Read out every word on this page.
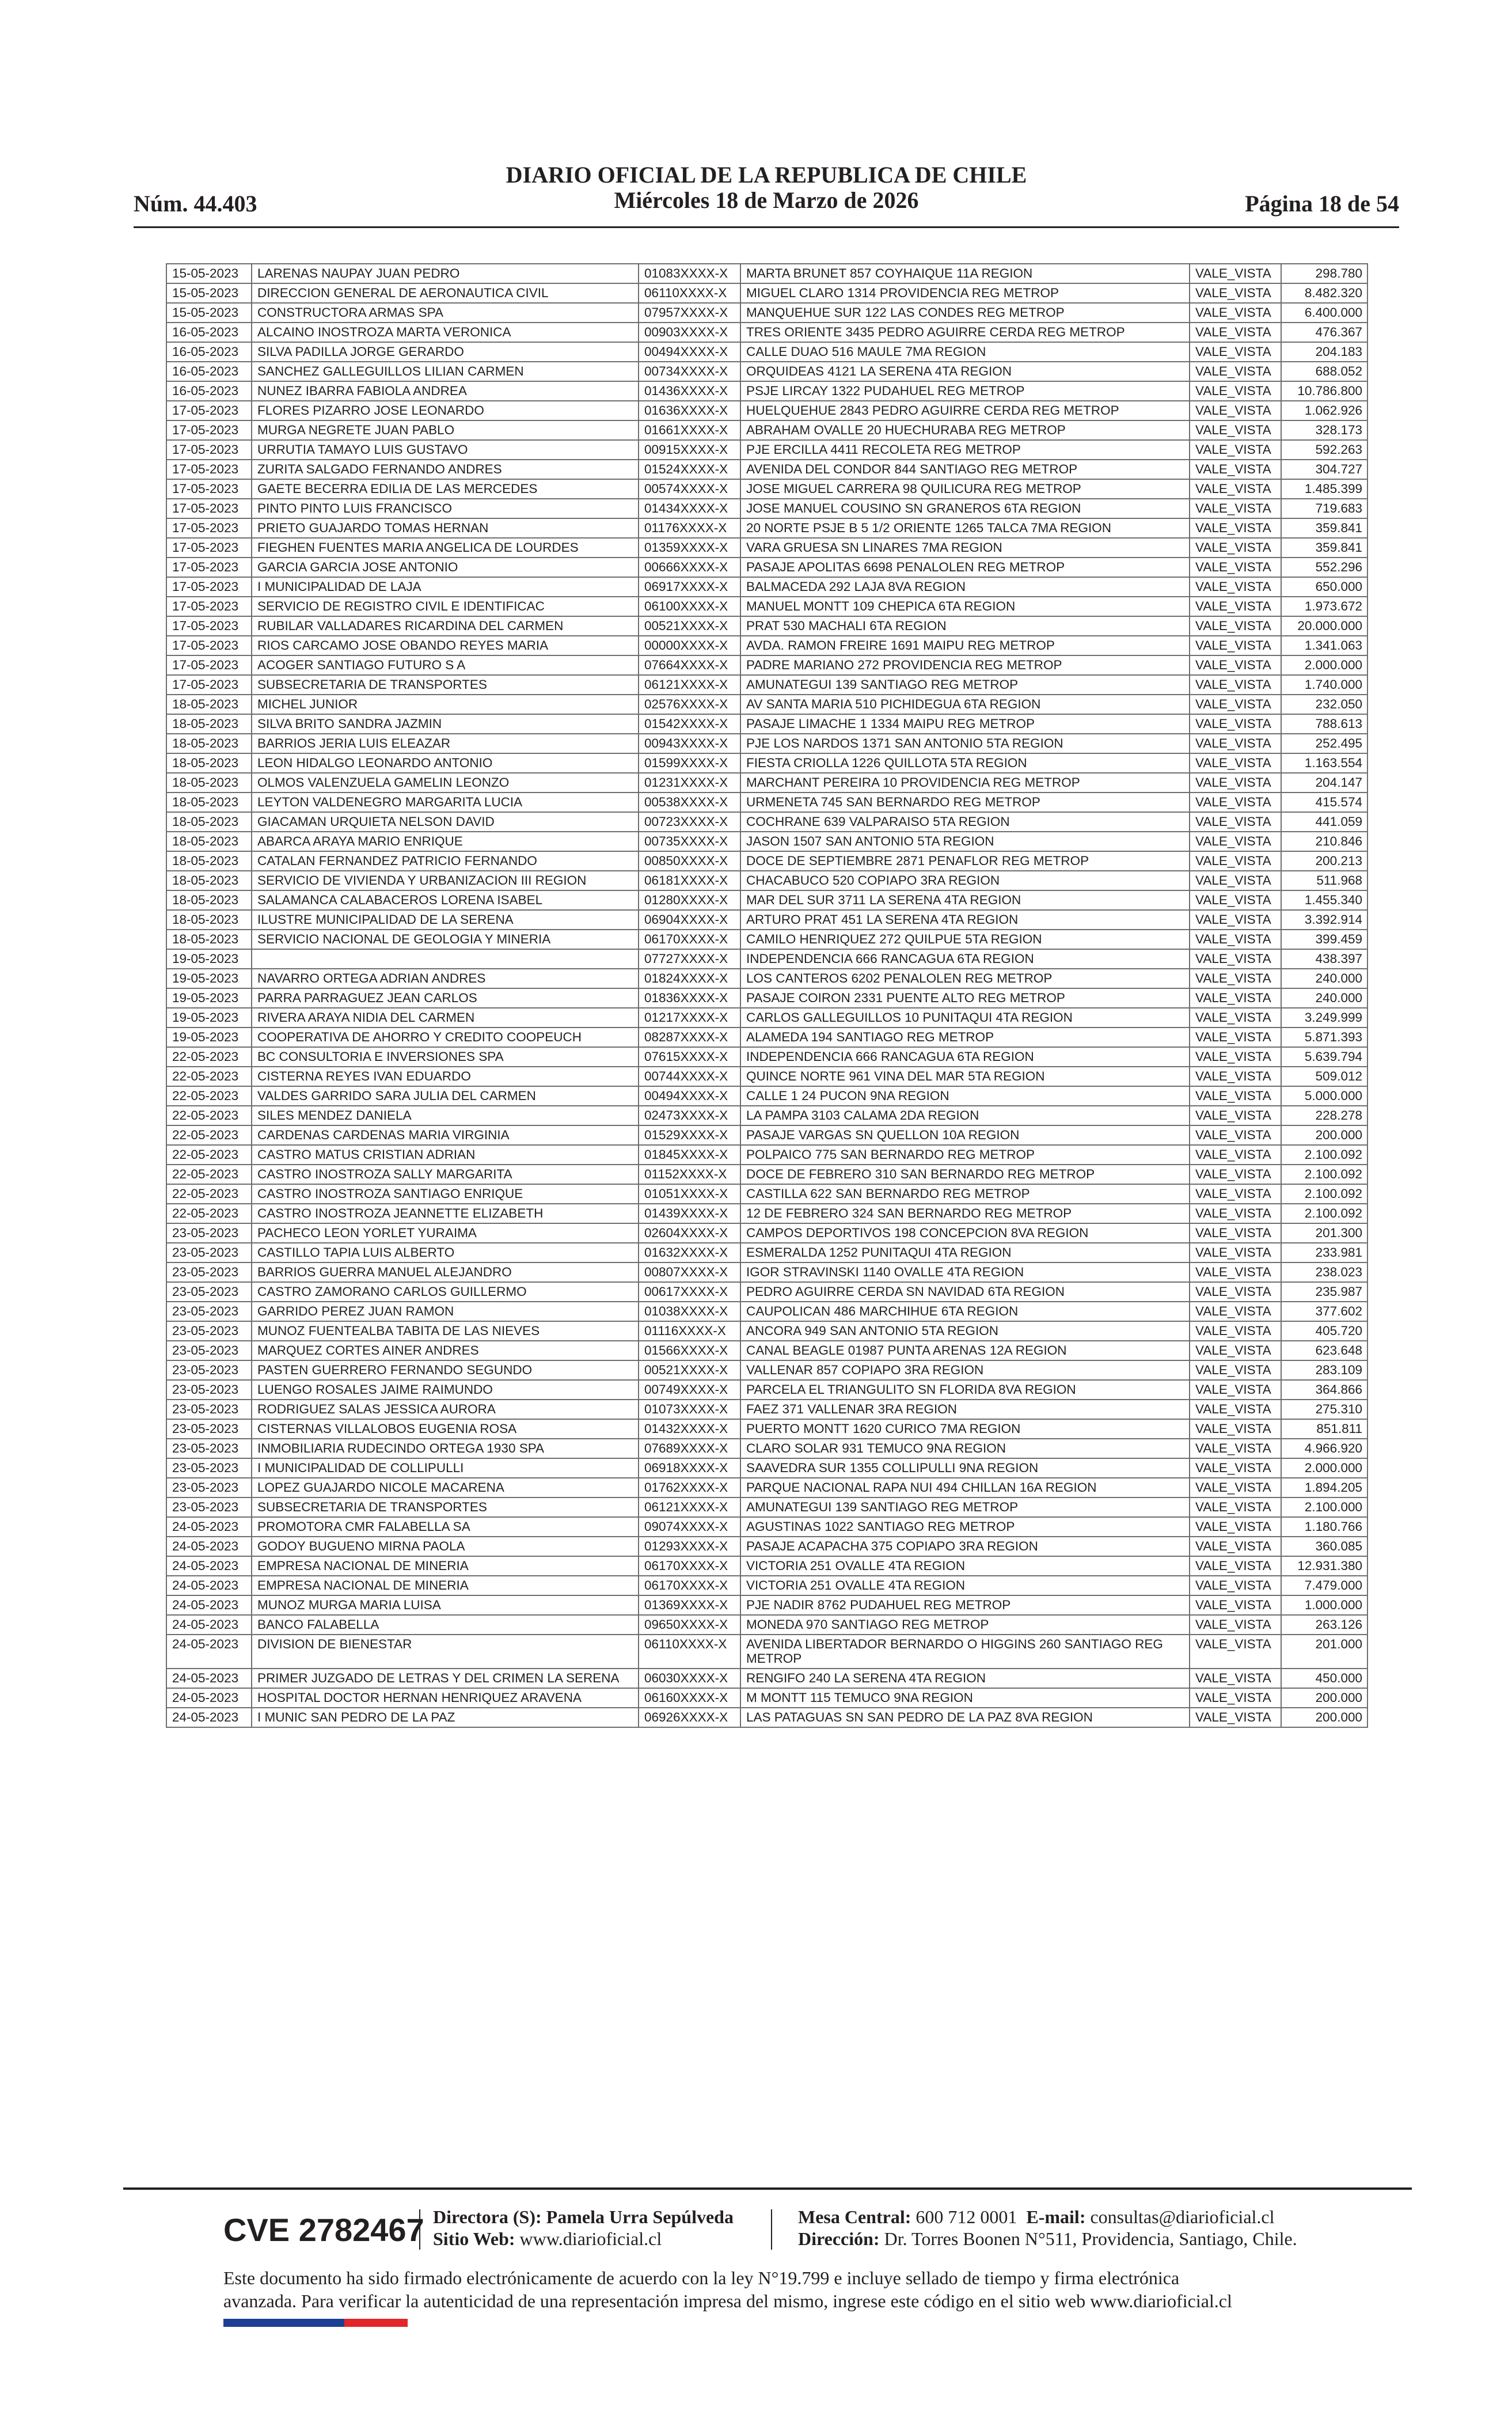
Núm. 44.403
DIARIO OFICIAL DE LA REPUBLICA DE CHILE
Miércoles 18 de Marzo de 2026	Página 18 de 54
15-05-2023	LARENAS NAUPAY JUAN PEDRO	01083XXXX-X	MARTA BRUNET 857 COYHAIQUE 11A REGION	VALE_VISTA	298.780
15-05-2023	DIRECCION GENERAL DE AERONAUTICA CIVIL	06110XXXX-X	MIGUEL CLARO 1314 PROVIDENCIA REG METROP	VALE_VISTA	8.482.320
15-05-2023	CONSTRUCTORA ARMAS SPA	07957XXXX-X	MANQUEHUE SUR 122 LAS CONDES REG METROP	VALE_VISTA	6.400.000
16-05-2023	ALCAINO INOSTROZA MARTA VERONICA	00903XXXX-X	TRES ORIENTE 3435 PEDRO AGUIRRE CERDA REG METROP	VALE_VISTA	476.367
16-05-2023	SILVA PADILLA JORGE GERARDO	00494XXXX-X	CALLE DUAO 516 MAULE 7MA REGION	VALE_VISTA	204.183
16-05-2023	SANCHEZ GALLEGUILLOS LILIAN CARMEN	00734XXXX-X	ORQUIDEAS 4121 LA SERENA 4TA REGION	VALE_VISTA	688.052
16-05-2023	NUNEZ IBARRA FABIOLA ANDREA	01436XXXX-X	PSJE LIRCAY 1322 PUDAHUEL REG METROP	VALE_VISTA	10.786.800
17-05-2023	FLORES PIZARRO JOSE LEONARDO	01636XXXX-X	HUELQUEHUE 2843 PEDRO AGUIRRE CERDA REG METROP	VALE_VISTA	1.062.926
17-05-2023	MURGA NEGRETE JUAN PABLO	01661XXXX-X	ABRAHAM OVALLE 20 HUECHURABA REG METROP	VALE_VISTA	328.173
17-05-2023	URRUTIA TAMAYO LUIS GUSTAVO	00915XXXX-X	PJE ERCILLA 4411 RECOLETA REG METROP	VALE_VISTA	592.263
17-05-2023	ZURITA SALGADO FERNANDO ANDRES	01524XXXX-X	AVENIDA DEL CONDOR 844 SANTIAGO REG METROP	VALE_VISTA	304.727
17-05-2023	GAETE BECERRA EDILIA DE LAS MERCEDES	00574XXXX-X	JOSE MIGUEL CARRERA 98 QUILICURA REG METROP	VALE_VISTA	1.485.399
17-05-2023	PINTO PINTO LUIS FRANCISCO	01434XXXX-X	JOSE MANUEL COUSINO SN GRANEROS 6TA REGION	VALE_VISTA	719.683
17-05-2023	PRIETO GUAJARDO TOMAS HERNAN	01176XXXX-X	20 NORTE PSJE B 5 1/2 ORIENTE 1265 TALCA 7MA REGION	VALE_VISTA	359.841
17-05-2023	FIEGHEN FUENTES MARIA ANGELICA DE LOURDES	01359XXXX-X	VARA GRUESA SN LINARES 7MA REGION	VALE_VISTA	359.841
17-05-2023	GARCIA GARCIA JOSE ANTONIO	00666XXXX-X	PASAJE APOLITAS 6698 PENALOLEN REG METROP	VALE_VISTA	552.296
17-05-2023	I MUNICIPALIDAD DE LAJA	06917XXXX-X	BALMACEDA 292 LAJA 8VA REGION	VALE_VISTA	650.000
17-05-2023	SERVICIO DE REGISTRO CIVIL E IDENTIFICAC	06100XXXX-X	MANUEL MONTT 109 CHEPICA 6TA REGION	VALE_VISTA	1.973.672
17-05-2023	RUBILAR VALLADARES RICARDINA DEL CARMEN	00521XXXX-X	PRAT 530 MACHALI 6TA REGION	VALE_VISTA	20.000.000
17-05-2023	RIOS CARCAMO JOSE OBANDO REYES MARIA	00000XXXX-X	AVDA. RAMON FREIRE 1691 MAIPU REG METROP	VALE_VISTA	1.341.063
17-05-2023	ACOGER SANTIAGO FUTURO S A	07664XXXX-X	PADRE MARIANO 272 PROVIDENCIA REG METROP	VALE_VISTA	2.000.000
17-05-2023	SUBSECRETARIA DE TRANSPORTES	06121XXXX-X	AMUNATEGUI 139 SANTIAGO REG METROP	VALE_VISTA	1.740.000
18-05-2023	MICHEL JUNIOR	02576XXXX-X	AV SANTA MARIA 510 PICHIDEGUA 6TA REGION	VALE_VISTA	232.050
18-05-2023	SILVA BRITO SANDRA JAZMIN	01542XXXX-X	PASAJE LIMACHE 1 1334 MAIPU REG METROP	VALE_VISTA	788.613
18-05-2023	BARRIOS JERIA LUIS ELEAZAR	00943XXXX-X	PJE LOS NARDOS 1371 SAN ANTONIO 5TA REGION	VALE_VISTA	252.495
18-05-2023	LEON HIDALGO LEONARDO ANTONIO	01599XXXX-X	FIESTA CRIOLLA 1226 QUILLOTA 5TA REGION	VALE_VISTA	1.163.554
18-05-2023	OLMOS VALENZUELA GAMELIN LEONZO	01231XXXX-X	MARCHANT PEREIRA 10 PROVIDENCIA REG METROP	VALE_VISTA	204.147
18-05-2023	LEYTON VALDENEGRO MARGARITA LUCIA	00538XXXX-X	URMENETA 745 SAN BERNARDO REG METROP	VALE_VISTA	415.574
18-05-2023	GIACAMAN URQUIETA NELSON DAVID	00723XXXX-X	COCHRANE 639 VALPARAISO 5TA REGION	VALE_VISTA	441.059
18-05-2023	ABARCA ARAYA MARIO ENRIQUE	00735XXXX-X	JASON 1507 SAN ANTONIO 5TA REGION	VALE_VISTA	210.846
18-05-2023	CATALAN FERNANDEZ PATRICIO FERNANDO	00850XXXX-X	DOCE DE SEPTIEMBRE 2871 PENAFLOR REG METROP	VALE_VISTA	200.213
18-05-2023	SERVICIO DE VIVIENDA Y URBANIZACION III REGION	06181XXXX-X	CHACABUCO 520 COPIAPO 3RA REGION	VALE_VISTA	511.968
18-05-2023	SALAMANCA CALABACEROS LORENA ISABEL	01280XXXX-X	MAR DEL SUR 3711 LA SERENA 4TA REGION	VALE_VISTA	1.455.340
18-05-2023	ILUSTRE MUNICIPALIDAD DE LA SERENA	06904XXXX-X	ARTURO PRAT 451 LA SERENA 4TA REGION	VALE_VISTA	3.392.914
18-05-2023	SERVICIO NACIONAL DE GEOLOGIA Y MINERIA	06170XXXX-X	CAMILO HENRIQUEZ 272 QUILPUE 5TA REGION	VALE_VISTA	399.459
19-05-2023		07727XXXX-X	INDEPENDENCIA 666 RANCAGUA 6TA REGION	VALE_VISTA	438.397
19-05-2023	NAVARRO ORTEGA ADRIAN ANDRES	01824XXXX-X	LOS CANTEROS 6202 PENALOLEN REG METROP	VALE_VISTA	240.000
19-05-2023	PARRA PARRAGUEZ JEAN CARLOS	01836XXXX-X	PASAJE COIRON 2331 PUENTE ALTO REG METROP	VALE_VISTA	240.000
19-05-2023	RIVERA ARAYA NIDIA DEL CARMEN	01217XXXX-X	CARLOS GALLEGUILLOS 10 PUNITAQUI 4TA REGION	VALE_VISTA	3.249.999
19-05-2023	COOPERATIVA DE AHORRO Y CREDITO COOPEUCH	08287XXXX-X	ALAMEDA 194 SANTIAGO REG METROP	VALE_VISTA	5.871.393
22-05-2023	BC CONSULTORIA E INVERSIONES SPA	07615XXXX-X	INDEPENDENCIA 666 RANCAGUA 6TA REGION	VALE_VISTA	5.639.794
22-05-2023	CISTERNA REYES IVAN EDUARDO	00744XXXX-X	QUINCE NORTE 961 VINA DEL MAR 5TA REGION	VALE_VISTA	509.012
22-05-2023	VALDES GARRIDO SARA JULIA DEL CARMEN	00494XXXX-X	CALLE 1 24 PUCON 9NA REGION	VALE_VISTA	5.000.000
22-05-2023	SILES MENDEZ DANIELA	02473XXXX-X	LA PAMPA 3103 CALAMA 2DA REGION	VALE_VISTA	228.278
22-05-2023	CARDENAS CARDENAS MARIA VIRGINIA	01529XXXX-X	PASAJE VARGAS SN QUELLON 10A REGION	VALE_VISTA	200.000
22-05-2023	CASTRO MATUS CRISTIAN ADRIAN	01845XXXX-X	POLPAICO 775 SAN BERNARDO REG METROP	VALE_VISTA	2.100.092
22-05-2023	CASTRO INOSTROZA SALLY MARGARITA	01152XXXX-X	DOCE DE FEBRERO 310 SAN BERNARDO REG METROP	VALE_VISTA	2.100.092
22-05-2023	CASTRO INOSTROZA SANTIAGO ENRIQUE	01051XXXX-X	CASTILLA 622 SAN BERNARDO REG METROP	VALE_VISTA	2.100.092
22-05-2023	CASTRO INOSTROZA JEANNETTE ELIZABETH	01439XXXX-X	12 DE FEBRERO 324 SAN BERNARDO REG METROP	VALE_VISTA	2.100.092
23-05-2023	PACHECO LEON YORLET YURAIMA	02604XXXX-X	CAMPOS DEPORTIVOS 198 CONCEPCION 8VA REGION	VALE_VISTA	201.300
23-05-2023	CASTILLO TAPIA LUIS ALBERTO	01632XXXX-X	ESMERALDA 1252 PUNITAQUI 4TA REGION	VALE_VISTA	233.981
23-05-2023	BARRIOS GUERRA MANUEL ALEJANDRO	00807XXXX-X	IGOR STRAVINSKI 1140 OVALLE 4TA REGION	VALE_VISTA	238.023
23-05-2023	CASTRO ZAMORANO CARLOS GUILLERMO	00617XXXX-X	PEDRO AGUIRRE CERDA SN NAVIDAD 6TA REGION	VALE_VISTA	235.987
23-05-2023	GARRIDO PEREZ JUAN RAMON	01038XXXX-X	CAUPOLICAN 486 MARCHIHUE 6TA REGION	VALE_VISTA	377.602
23-05-2023	MUNOZ FUENTEALBA TABITA DE LAS NIEVES	01116XXXX-X	ANCORA 949 SAN ANTONIO 5TA REGION	VALE_VISTA	405.720
23-05-2023	MARQUEZ CORTES AINER ANDRES	01566XXXX-X	CANAL BEAGLE 01987 PUNTA ARENAS 12A REGION	VALE_VISTA	623.648
23-05-2023	PASTEN GUERRERO FERNANDO SEGUNDO	00521XXXX-X	VALLENAR 857 COPIAPO 3RA REGION	VALE_VISTA	283.109
23-05-2023	LUENGO ROSALES JAIME RAIMUNDO	00749XXXX-X	PARCELA EL TRIANGULITO SN FLORIDA 8VA REGION	VALE_VISTA	364.866
23-05-2023	RODRIGUEZ SALAS JESSICA AURORA	01073XXXX-X	FAEZ 371 VALLENAR 3RA REGION	VALE_VISTA	275.310
23-05-2023	CISTERNAS VILLALOBOS EUGENIA ROSA	01432XXXX-X	PUERTO MONTT 1620 CURICO 7MA REGION	VALE_VISTA	851.811
23-05-2023	INMOBILIARIA RUDECINDO ORTEGA 1930 SPA	07689XXXX-X	CLARO SOLAR 931 TEMUCO 9NA REGION	VALE_VISTA	4.966.920
23-05-2023	I MUNICIPALIDAD DE COLLIPULLI	06918XXXX-X	SAAVEDRA SUR 1355 COLLIPULLI 9NA REGION	VALE_VISTA	2.000.000
23-05-2023	LOPEZ GUAJARDO NICOLE MACARENA	01762XXXX-X	PARQUE NACIONAL RAPA NUI 494 CHILLAN 16A REGION	VALE_VISTA	1.894.205
23-05-2023	SUBSECRETARIA DE TRANSPORTES	06121XXXX-X	AMUNATEGUI 139 SANTIAGO REG METROP	VALE_VISTA	2.100.000
24-05-2023	PROMOTORA CMR FALABELLA SA	09074XXXX-X	AGUSTINAS 1022 SANTIAGO REG METROP	VALE_VISTA	1.180.766
24-05-2023	GODOY BUGUENO MIRNA PAOLA	01293XXXX-X	PASAJE ACAPACHA 375 COPIAPO 3RA REGION	VALE_VISTA	360.085
24-05-2023	EMPRESA NACIONAL DE MINERIA	06170XXXX-X	VICTORIA 251 OVALLE 4TA REGION	VALE_VISTA	12.931.380
24-05-2023	EMPRESA NACIONAL DE MINERIA	06170XXXX-X	VICTORIA 251 OVALLE 4TA REGION	VALE_VISTA	7.479.000
24-05-2023	MUNOZ MURGA MARIA LUISA	01369XXXX-X	PJE NADIR 8762 PUDAHUEL REG METROP	VALE_VISTA	1.000.000
24-05-2023	BANCO FALABELLA	09650XXXX-X	MONEDA 970 SANTIAGO REG METROP	VALE_VISTA	263.126
24-05-2023	DIVISION DE BIENESTAR	06110XXXX-X	AVENIDA LIBERTADOR BERNARDO O HIGGINS 260 SANTIAGO REG METROP	VALE_VISTA	201.000
24-05-2023	PRIMER JUZGADO DE LETRAS Y DEL CRIMEN LA SERENA	06030XXXX-X	RENGIFO 240 LA SERENA 4TA REGION	VALE_VISTA	450.000
24-05-2023	HOSPITAL DOCTOR HERNAN HENRIQUEZ ARAVENA	06160XXXX-X	M MONTT 115 TEMUCO 9NA REGION	VALE_VISTA	200.000
24-05-2023	I MUNIC SAN PEDRO DE LA PAZ	06926XXXX-X	LAS PATAGUAS SN SAN PEDRO DE LA PAZ 8VA REGION	VALE_VISTA	200.000
CVE 2782467 Directora (S): Pamela Urra Sepúlveda
Sitio Web: www.diarioficial.cl
Mesa Central: 600 712 0001 E-mail: consultas@diarioficial.cl
Dirección: Dr. Torres Boonen N°511, Providencia, Santiago, Chile.
Este documento ha sido firmado electrónicamente de acuerdo con la ley N°19.799 e incluye sellado de tiempo y firma electrónica
avanzada. Para verificar la autenticidad de una representación impresa del mismo, ingrese este código en el sitio web www.diarioficial.cl
